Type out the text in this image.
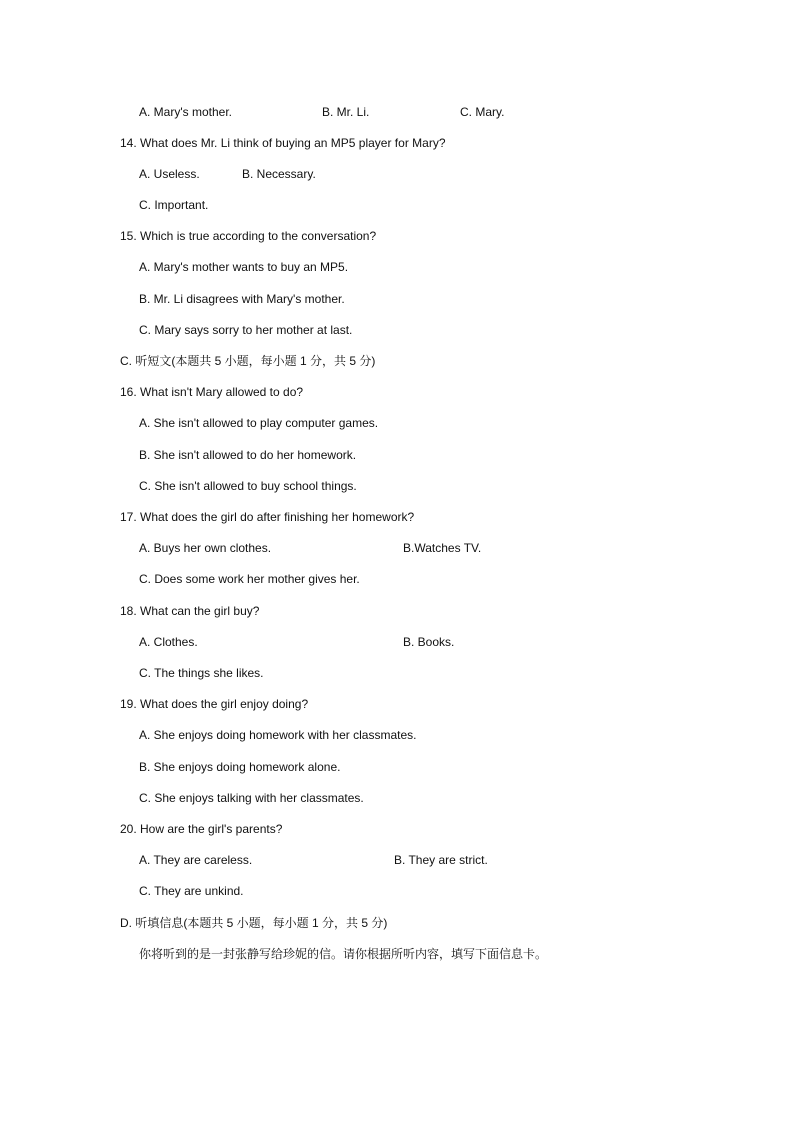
A. Mary's mother.	B. Mr. Li.	C. Mary.
14. What does Mr. Li think of buying an MP5 player for Mary?
A. Useless.	B. Necessary.
C. Important.
15. Which is true according to the conversation?
A. Mary's mother wants to buy an MP5.
B. Mr. Li disagrees with Mary's mother.
C. Mary says sorry to her mother at last.
C. 听短文(本题共 5 小题，每小题 1 分，共 5 分)
16. What isn't Mary allowed to do?
A. She isn't allowed to play computer games.
B. She isn't allowed to do her homework.
C. She isn't allowed to buy school things.
17. What does the girl do after finishing her homework?
A. Buys her own clothes.	B.Watches TV.
C. Does some work her mother gives her.
18. What can the girl buy?
A. Clothes.	B. Books.
C. The things she likes.
19. What does the girl enjoy doing?
A. She enjoys doing homework with her classmates.
B. She enjoys doing homework alone.
C. She enjoys talking with her classmates.
20. How are the girl's parents?
A. They are careless.	B. They are strict.
C. They are unkind.
D. 听填信息(本题共 5 小题，每小题 1 分，共 5 分)
你将听到的是一封张静写给珍妮的信。请你根据所听内容，填写下面信息卡。
